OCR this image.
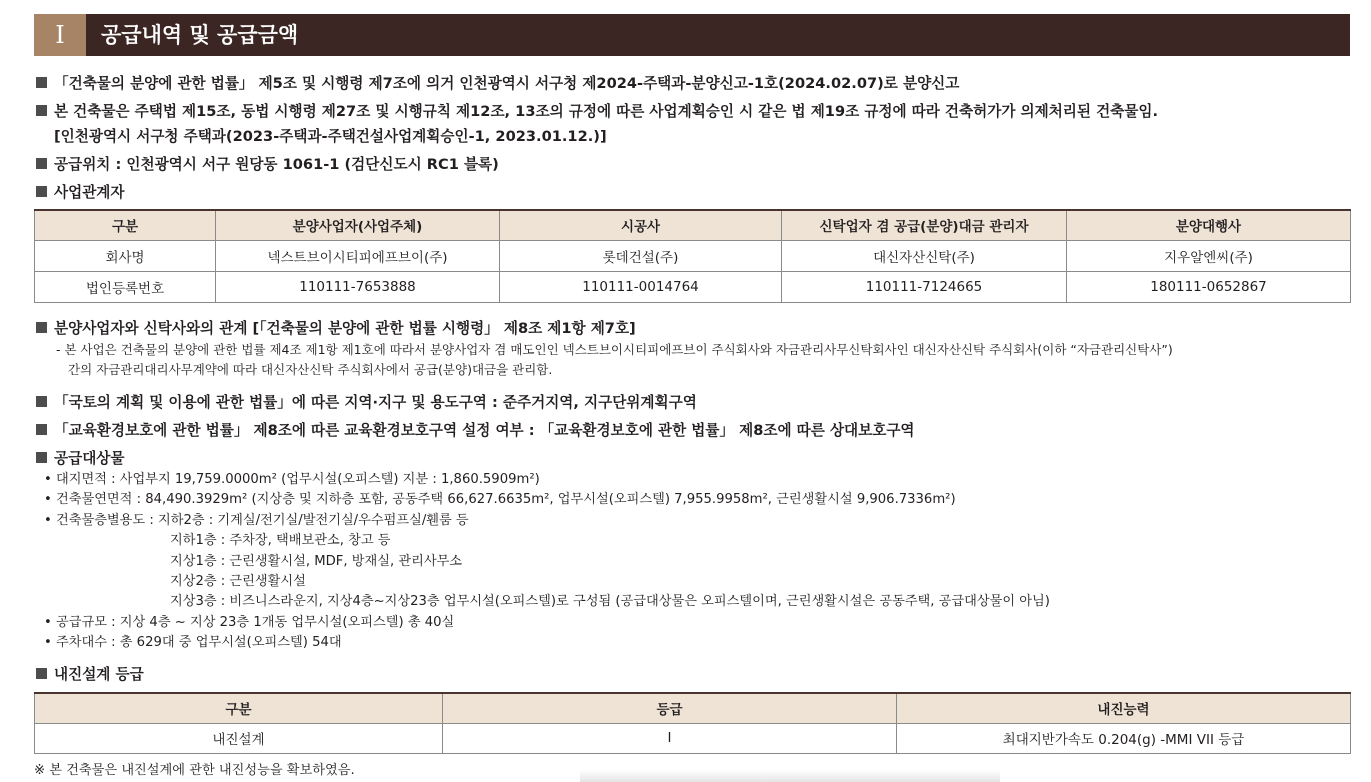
I	공급내역 및 공급금액
「건축물의 분양에 관한 법률」 제5조 및 시행령 제7조에 의거 인천광역시 서구청 제2024-주택과-분양신고-1호(2024.02.07)로 분양신고
본 건축물은 주택법 제15조, 동법 시행령 제27조 및 시행규칙 제12조, 13조의 규정에 따른 사업계획승인 시 같은 법 제19조 규정에 따라 건축허가가 의제처리된 건축물임.
[인천광역시 서구청 주택과(2023-주택과-주택건설사업계획승인-1, 2023.01.12.)]
공급위치 : 인천광역시 서구 원당동 1061-1 (검단신도시 RC1 블록)
사업관계자
구분	분양사업자(사업주체)	시공사	신탁업자 겸 공급(분양)대금 관리자	분양대행사
회사명	넥스트브이시티피에프브이(주)	롯데건설(주)	대신자산신탁(주)	지우알엔씨(주)
법인등록번호	110111-7653888	110111-0014764	110111-7124665	180111-0652867
분양사업자와 신탁사와의 관계 [「건축물의 분양에 관한 법률 시행령」 제8조 제1항 제7호]
- 본 사업은 건축물의 분양에 관한 법률 제4조 제1항 제1호에 따라서 분양사업자 겸 매도인인 넥스트브이시티피에프브이 주식회사와 자금관리사무신탁회사인 대신자산신탁 주식회사(이하 “자금관리신탁사”)
간의 자금관리대리사무계약에 따라 대신자산신탁 주식회사에서 공급(분양)대금을 관리함.
「국토의 계획 및 이용에 관한 법률」에 따른 지역·지구 및 용도구역 : 준주거지역, 지구단위계획구역
「교육환경보호에 관한 법률」 제8조에 따른 교육환경보호구역 설정 여부 : 「교육환경보호에 관한 법률」 제8조에 따른 상대보호구역
공급대상물
• 대지면적 : 사업부지 19,759.0000m² (업무시설(오피스텔) 지분 : 1,860.5909m²)
• 건축물연면적 : 84,490.3929m² (지상층 및 지하층 포함, 공동주택 66,627.6635m², 업무시설(오피스텔) 7,955.9958m², 근린생활시설 9,906.7336m²)
• 건축물층별용도 : 지하2층 : 기계실/전기실/발전기실/우수펌프실/휀룸 등
지하1층 : 주차장, 택배보관소, 창고 등
지상1층 : 근린생활시설, MDF, 방재실, 관리사무소
지상2층 : 근린생활시설
지상3층 : 비즈니스라운지, 지상4층~지상23층 업무시설(오피스텔)로 구성됨 (공급대상물은 오피스텔이며, 근린생활시설은 공동주택, 공급대상물이 아님)
• 공급규모 : 지상 4층 ~ 지상 23층 1개동 업무시설(오피스텔) 총 40실
• 주차대수 : 총 629대 중 업무시설(오피스텔) 54대
내진설계 등급
구분	등급	내진능력
내진설계	I	최대지반가속도 0.204(g) -MMI VII 등급
※ 본 건축물은 내진설계에 관한 내진성능을 확보하였음.
